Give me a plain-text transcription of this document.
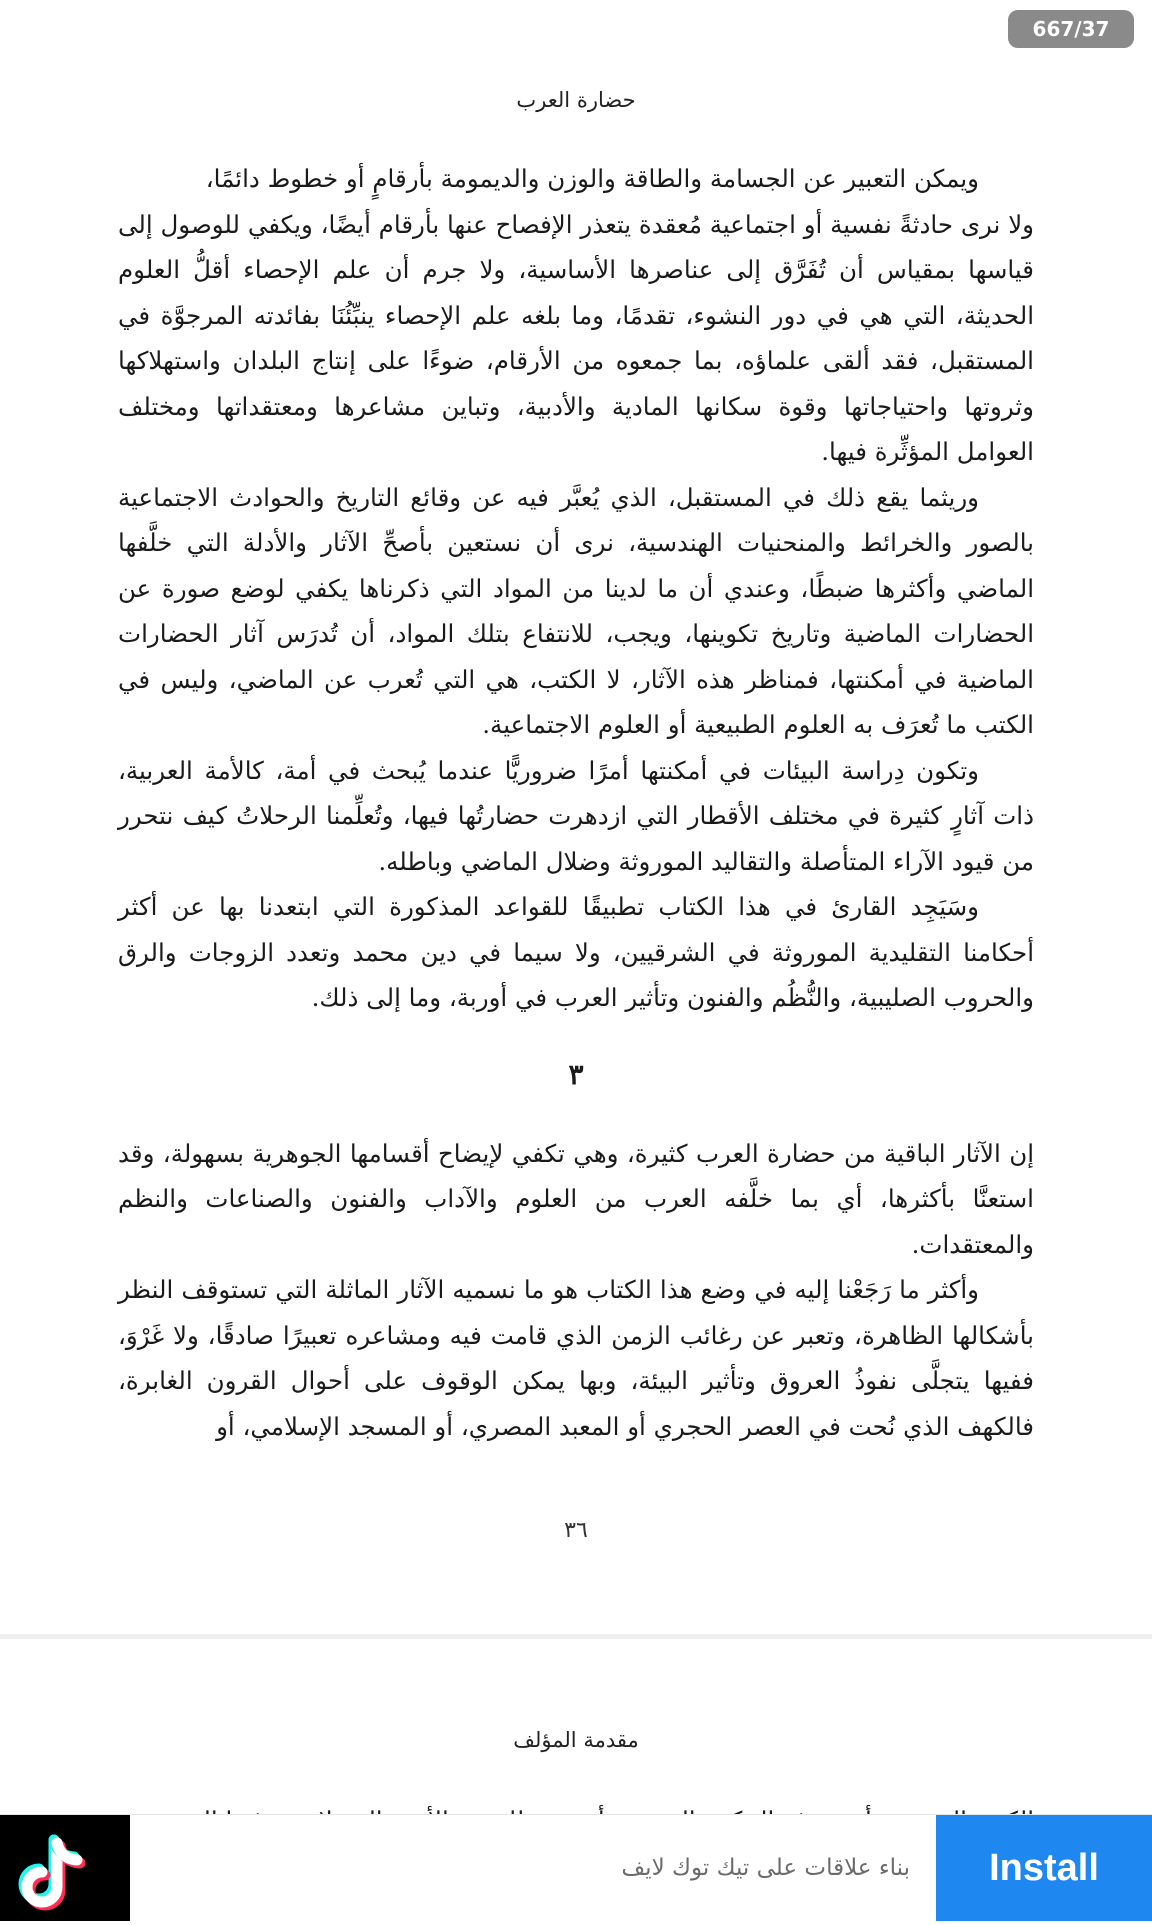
667/37
حضارة العرب

ويمكن التعبير عن الجسامة والطاقة والوزن والديمومة بأرقامٍ أو خطوط دائمًا،

ولا نرى حادثةً نفسية أو اجتماعية مُعقدة يتعذر الإفصاح عنها بأرقام أيضًا، ويكفي للوصول إلى قياسها بمقياس أن تُفَرَّق إلى عناصرها الأساسية، ولا جرم أن علم الإحصاء أقلُّ العلوم الحديثة، التي هي في دور النشوء، تقدمًا، وما بلغه علم الإحصاء ينبِّئُنَا بفائدته المرجوَّة في المستقبل، فقد ألقى علماؤه، بما جمعوه من الأرقام، ضوءًا على إنتاج البلدان واستهلاكها وثروتها واحتياجاتها وقوة سكانها المادية والأدبية، وتباين مشاعرها ومعتقداتها ومختلف العوامل المؤثِّرة فيها.

وريثما يقع ذلك في المستقبل، الذي يُعبَّر فيه عن وقائع التاريخ والحوادث الاجتماعية بالصور والخرائط والمنحنيات الهندسية، نرى أن نستعين بأصحِّ الآثار والأدلة التي خلَّفها الماضي وأكثرها ضبطًا، وعندي أن ما لدينا من المواد التي ذكرناها يكفي لوضع صورة عن الحضارات الماضية وتاريخ تكوينها، ويجب، للانتفاع بتلك المواد، أن تُدرَس آثار الحضارات الماضية في أمكنتها، فمناظر هذه الآثار، لا الكتب، هي التي تُعرب عن الماضي، وليس في الكتب ما تُعرَف به العلوم الطبيعية أو العلوم الاجتماعية.

وتكون دِراسة البيئات في أمكنتها أمرًا ضروريًّا عندما يُبحث في أمة، كالأمة العربية، ذات آثارٍ كثيرة في مختلف الأقطار التي ازدهرت حضارتُها فيها، وتُعلِّمنا الرحلاتُ كيف نتحرر من قيود الآراء المتأصلة والتقاليد الموروثة وضلال الماضي وباطله.

وسَيَجِد القارئ في هذا الكتاب تطبيقًا للقواعد المذكورة التي ابتعدنا بها عن أكثر أحكامنا التقليدية الموروثة في الشرقيين، ولا سيما في دين محمد وتعدد الزوجات والرق والحروب الصليبية، والنُّظُم والفنون وتأثير العرب في أوربة، وما إلى ذلك.

٣

إن الآثار الباقية من حضارة العرب كثيرة، وهي تكفي لإيضاح أقسامها الجوهرية بسهولة، وقد استعنَّا بأكثرها، أي بما خلَّفه العرب من العلوم والآداب والفنون والصناعات والنظم والمعتقدات.

وأكثر ما رَجَعْنا إليه في وضع هذا الكتاب هو ما نسميه الآثار الماثلة التي تستوقف النظر بأشكالها الظاهرة، وتعبر عن رغائب الزمن الذي قامت فيه ومشاعره تعبيرًا صادقًا، ولا غَرْوَ، ففيها يتجلَّى نفوذُ العروق وتأثير البيئة، وبها يمكن الوقوف على أحوال القرون الغابرة، فالكهف الذي نُحت في العصر الحجري أو المعبد المصري، أو المسجد الإسلامي، أو

٣٦
مقدمة المؤلف
بناء علاقات على تيك توك لايف	Install
